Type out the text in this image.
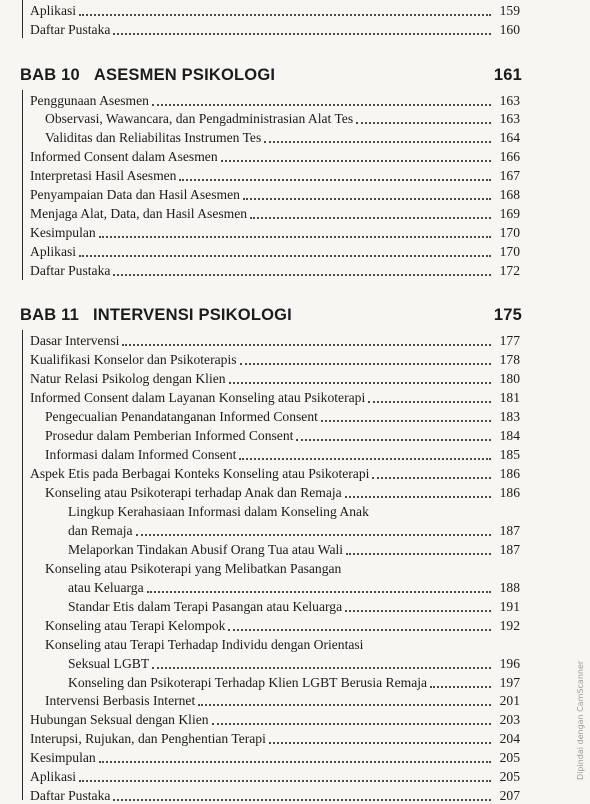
Aplikasi	159
Daftar Pustaka	160
BAB 10 ASESMEN PSIKOLOGI	161
Penggunaan Asesmen	163
Observasi, Wawancara, dan Pengadministrasian Alat Tes	163
Validitas dan Reliabilitas Instrumen Tes	164
Informed Consent dalam Asesmen	166
Interpretasi Hasil Asesmen	167
Penyampaian Data dan Hasil Asesmen	168
Menjaga Alat, Data, dan Hasil Asesmen	169
Kesimpulan	170
Aplikasi	170
Daftar Pustaka	172
BAB 11 INTERVENSI PSIKOLOGI	175
Dasar Intervensi	177
Kualifikasi Konselor dan Psikoterapis	178
Natur Relasi Psikolog dengan Klien	180
Informed Consent dalam Layanan Konseling atau Psikoterapi	181
Pengecualian Penandatanganan Informed Consent	183
Prosedur dalam Pemberian Informed Consent	184
Informasi dalam Informed Consent	185
Aspek Etis pada Berbagai Konteks Konseling atau Psikoterapi	186
Konseling atau Psikoterapi terhadap Anak dan Remaja	186
Lingkup Kerahasiaan Informasi dalam Konseling Anak
dan Remaja	187
Melaporkan Tindakan Abusif Orang Tua atau Wali	187
Konseling atau Psikoterapi yang Melibatkan Pasangan
atau Keluarga	188
Standar Etis dalam Terapi Pasangan atau Keluarga	191
Konseling atau Terapi Kelompok	192
Konseling atau Terapi Terhadap Individu dengan Orientasi
Seksual LGBT	196
Konseling dan Psikoterapi Terhadap Klien LGBT Berusia Remaja	197
Intervensi Berbasis Internet	201
Hubungan Seksual dengan Klien	203
Interupsi, Rujukan, dan Penghentian Terapi	204
Kesimpulan	205
Aplikasi	205
Daftar Pustaka	207
Dipindai dengan CamScanner
